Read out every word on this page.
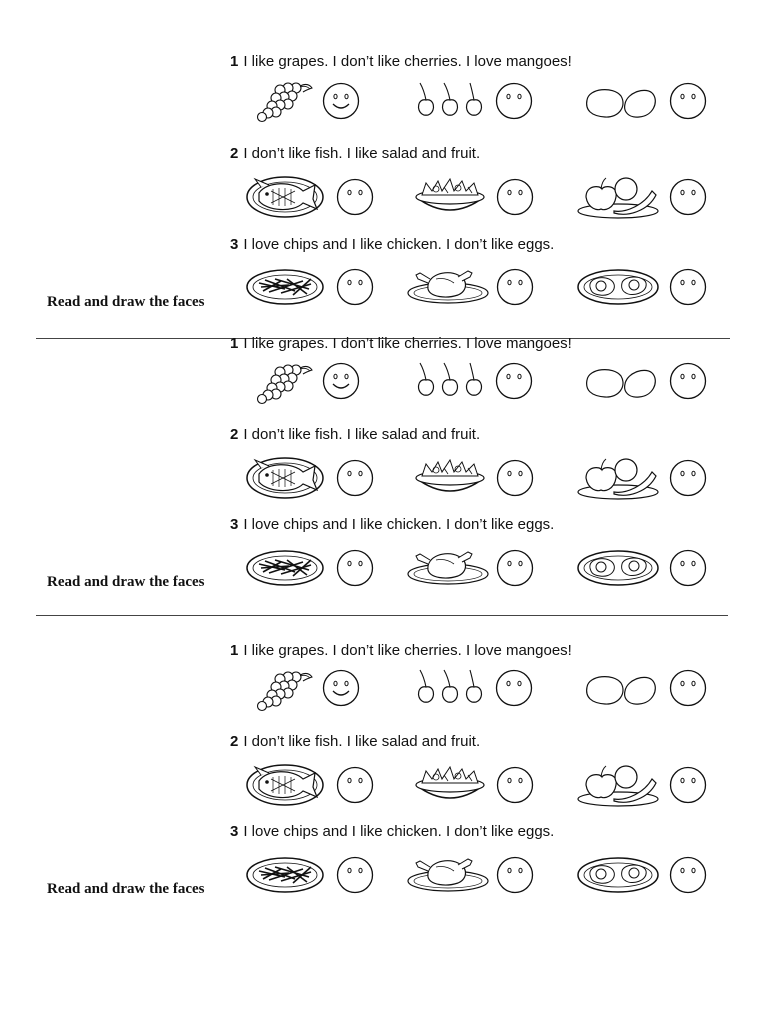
1 I like grapes. I don’t like cherries. I love mangoes!
2 I don’t like fish. I like salad and fruit.
3 I love chips and I like chicken. I don’t like eggs.
Read and draw the faces
1 I like grapes. I don’t like cherries. I love mangoes!
2 I don’t like fish. I like salad and fruit.
3 I love chips and I like chicken. I don’t like eggs.
Read and draw the faces
1 I like grapes. I don’t like cherries. I love mangoes!
2 I don’t like fish. I like salad and fruit.
3 I love chips and I like chicken. I don’t like eggs.
Read and draw the faces
